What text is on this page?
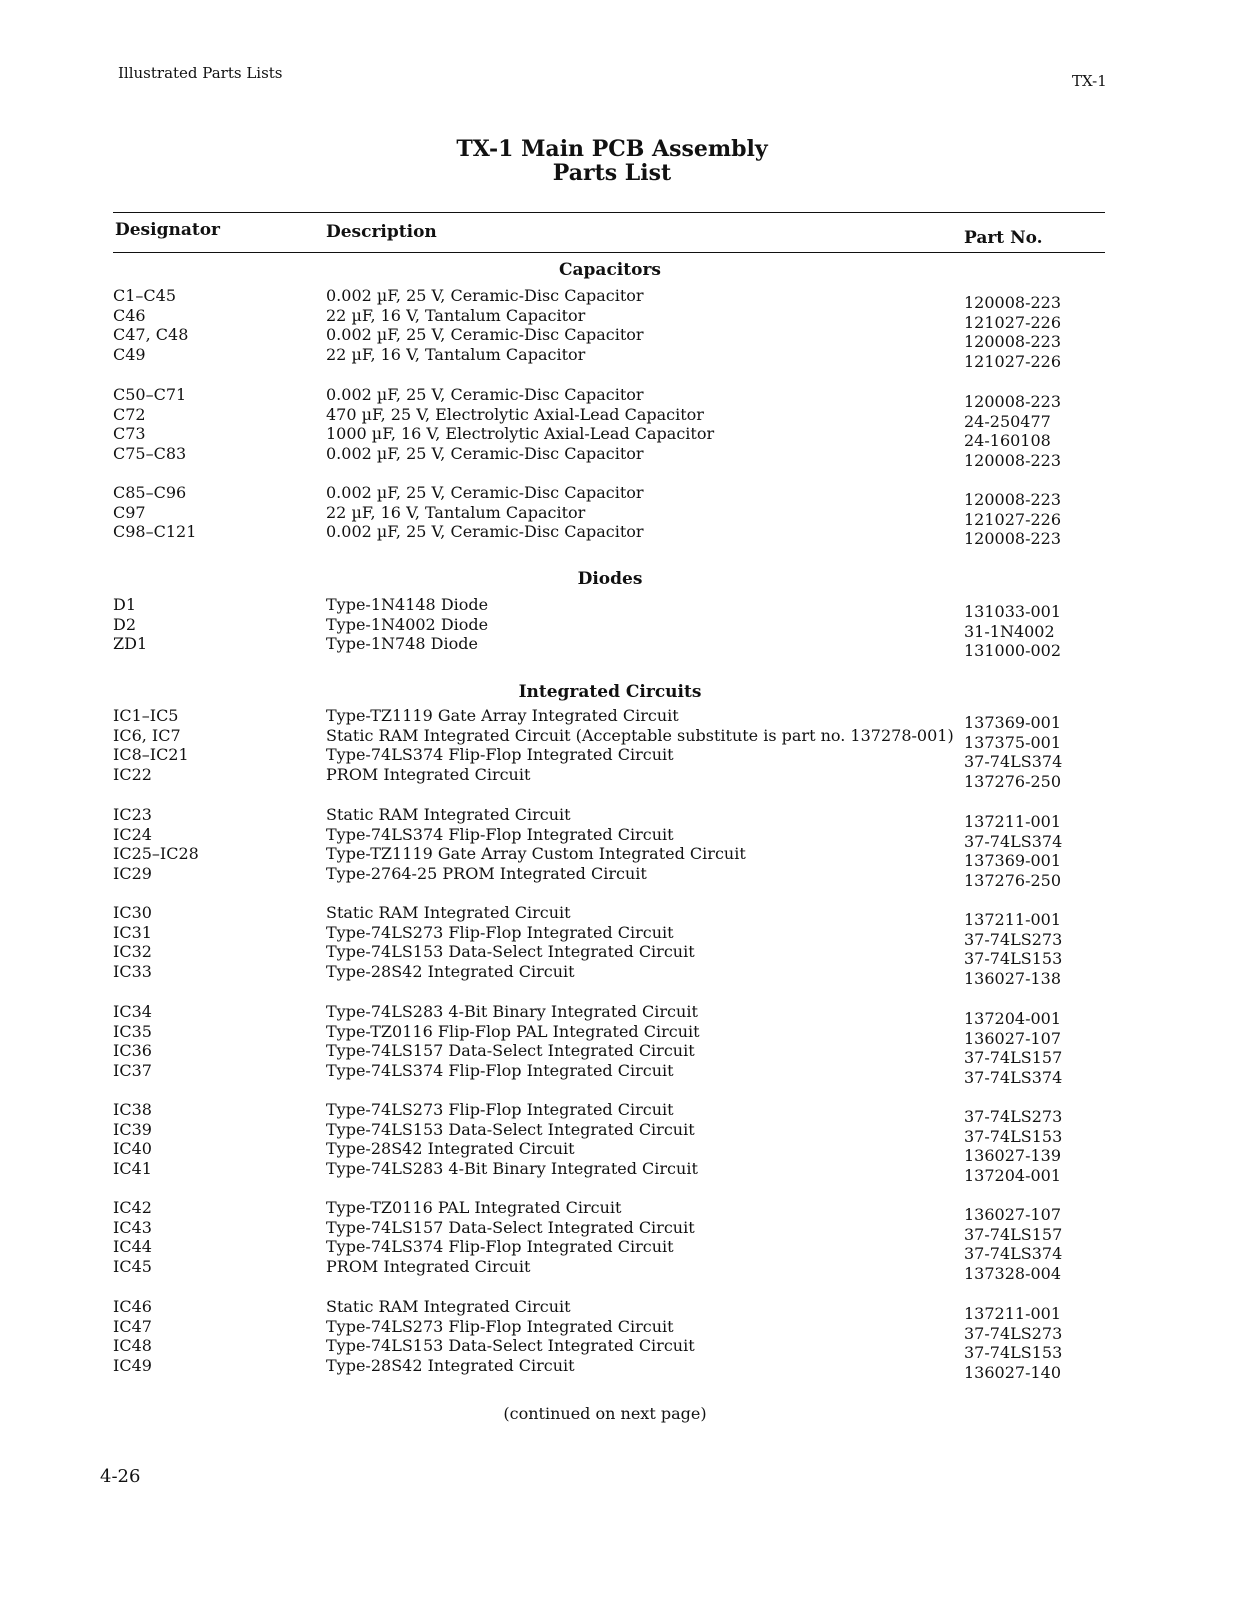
Illustrated Parts Lists	TX-1
TX-1 Main PCB Assembly
Parts List
Designator	Description	Part No.
Capacitors
C1–C45	0.002 µF, 25 V, Ceramic-Disc Capacitor	120008-223
C46	22 µF, 16 V, Tantalum Capacitor	121027-226
C47, C48	0.002 µF, 25 V, Ceramic-Disc Capacitor	120008-223
C49	22 µF, 16 V, Tantalum Capacitor	121027-226
C50–C71	0.002 µF, 25 V, Ceramic-Disc Capacitor	120008-223
C72	470 µF, 25 V, Electrolytic Axial-Lead Capacitor	24-250477
C73	1000 µF, 16 V, Electrolytic Axial-Lead Capacitor	24-160108
C75–C83	0.002 µF, 25 V, Ceramic-Disc Capacitor	120008-223
C85–C96	0.002 µF, 25 V, Ceramic-Disc Capacitor	120008-223
C97	22 µF, 16 V, Tantalum Capacitor	121027-226
C98–C121	0.002 µF, 25 V, Ceramic-Disc Capacitor	120008-223
Diodes
D1	Type-1N4148 Diode	131033-001
D2	Type-1N4002 Diode	31-1N4002
ZD1	Type-1N748 Diode	131000-002
Integrated Circuits
IC1–IC5	Type-TZ1119 Gate Array Integrated Circuit	137369-001
IC6, IC7	Static RAM Integrated Circuit (Acceptable substitute is part no. 137278-001) 137375-001
IC8–IC21	Type-74LS374 Flip-Flop Integrated Circuit	37-74LS374
IC22	PROM Integrated Circuit	137276-250
IC23	Static RAM Integrated Circuit	137211-001
IC24	Type-74LS374 Flip-Flop Integrated Circuit	37-74LS374
IC25–IC28	Type-TZ1119 Gate Array Custom Integrated Circuit	137369-001
IC29	Type-2764-25 PROM Integrated Circuit	137276-250
IC30	Static RAM Integrated Circuit	137211-001
IC31	Type-74LS273 Flip-Flop Integrated Circuit	37-74LS273
IC32	Type-74LS153 Data-Select Integrated Circuit	37-74LS153
IC33	Type-28S42 Integrated Circuit	136027-138
IC34	Type-74LS283 4-Bit Binary Integrated Circuit	137204-001
IC35	Type-TZ0116 Flip-Flop PAL Integrated Circuit	136027-107
IC36	Type-74LS157 Data-Select Integrated Circuit	37-74LS157
IC37	Type-74LS374 Flip-Flop Integrated Circuit	37-74LS374
IC38	Type-74LS273 Flip-Flop Integrated Circuit	37-74LS273
IC39	Type-74LS153 Data-Select Integrated Circuit	37-74LS153
IC40	Type-28S42 Integrated Circuit	136027-139
IC41	Type-74LS283 4-Bit Binary Integrated Circuit	137204-001
IC42	Type-TZ0116 PAL Integrated Circuit	136027-107
IC43	Type-74LS157 Data-Select Integrated Circuit	37-74LS157
IC44	Type-74LS374 Flip-Flop Integrated Circuit	37-74LS374
IC45	PROM Integrated Circuit	137328-004
IC46	Static RAM Integrated Circuit	137211-001
IC47	Type-74LS273 Flip-Flop Integrated Circuit	37-74LS273
IC48	Type-74LS153 Data-Select Integrated Circuit	37-74LS153
IC49	Type-28S42 Integrated Circuit	136027-140
(continued on next page)
4-26
